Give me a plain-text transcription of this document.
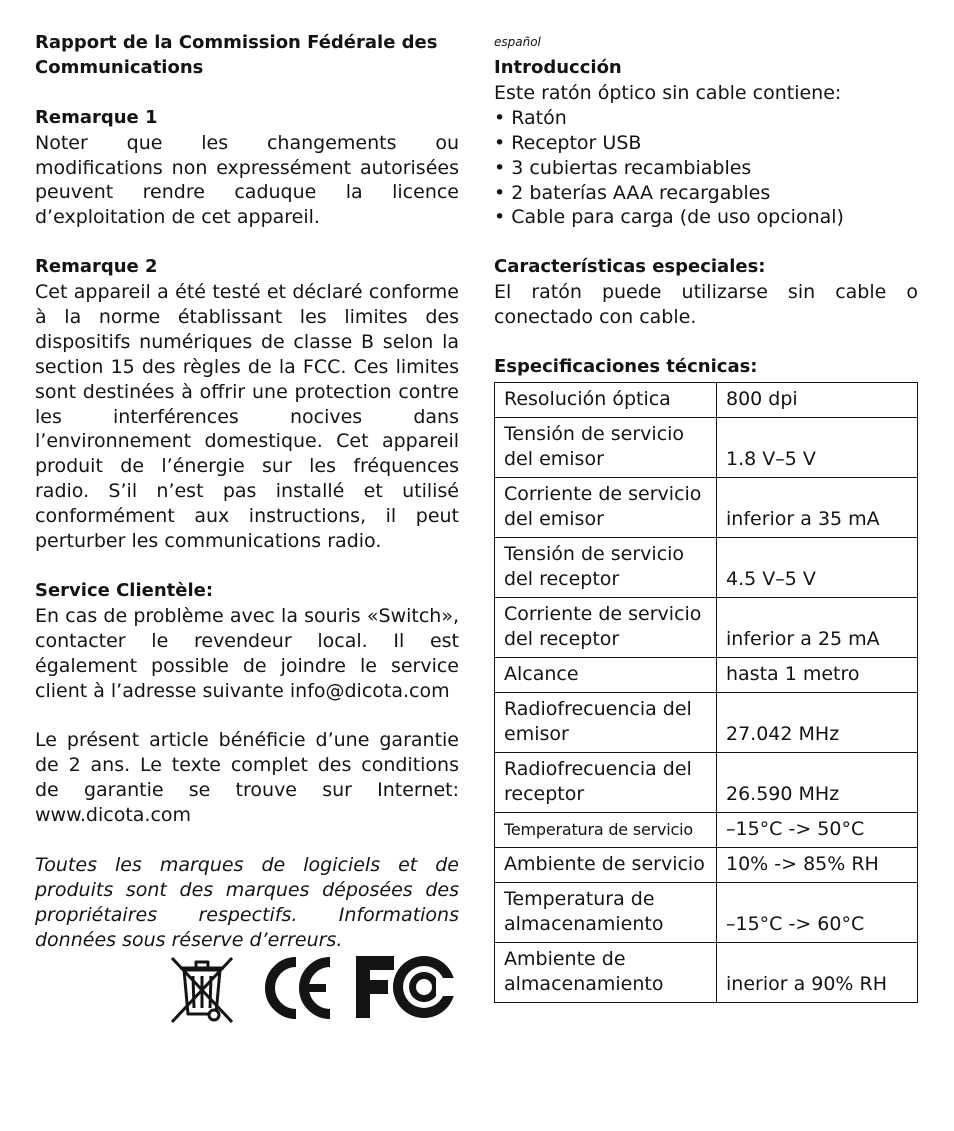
Rapport de la Commission Fédérale des Communications

Remarque 1

Noter que les changements ou modifications non expressément autorisées peuvent rendre caduque la licence d’exploitation de cet appareil.

Remarque 2

Cet appareil a été testé et déclaré conforme à la norme établissant les limites des dispositifs numériques de classe B selon la section 15 des règles de la FCC. Ces limites sont destinées à offrir une protection contre les interférences nocives dans l’environnement domestique. Cet appareil produit de l’énergie sur les fréquences radio. S’il n’est pas installé et utilisé conformément aux instructions, il peut perturber les communications radio.

Service Clientèle:

En cas de problème avec la souris «Switch», contacter le revendeur local. Il est également possible de joindre le service client à l’adresse suivante info@dicota.com

Le présent article bénéficie d’une garantie de 2 ans. Le texte complet des conditions de garantie se trouve sur Internet: www.dicota.com

Toutes les marques de logiciels et de produits sont des marques déposées des propriétaires respectifs. Informations données sous réserve d’erreurs.

español

Introducción

Este ratón óptico sin cable contiene:

• Ratón
• Receptor USB
• 3 cubiertas recambiables
• 2 baterías AAA recargables
• Cable para carga (de uso opcional)

Características especiales:

El ratón puede utilizarse sin cable o conectado con cable.

Especificaciones técnicas:

Resolución óptica	800 dpi
Tensión de servicio del emisor	1.8 V–5 V
Corriente de servicio del emisor	inferior a 35 mA
Tensión de servicio del receptor	4.5 V–5 V
Corriente de servicio del receptor	inferior a 25 mA
Alcance	hasta 1 metro
Radiofrecuencia del emisor	27.042 MHz
Radiofrecuencia del receptor	26.590 MHz
Temperatura de servicio	–15°C -> 50°C
Ambiente de servicio	10% -> 85% RH
Temperatura de almacenamiento	–15°C -> 60°C
Ambiente de almacenamiento	inerior a 90% RH
